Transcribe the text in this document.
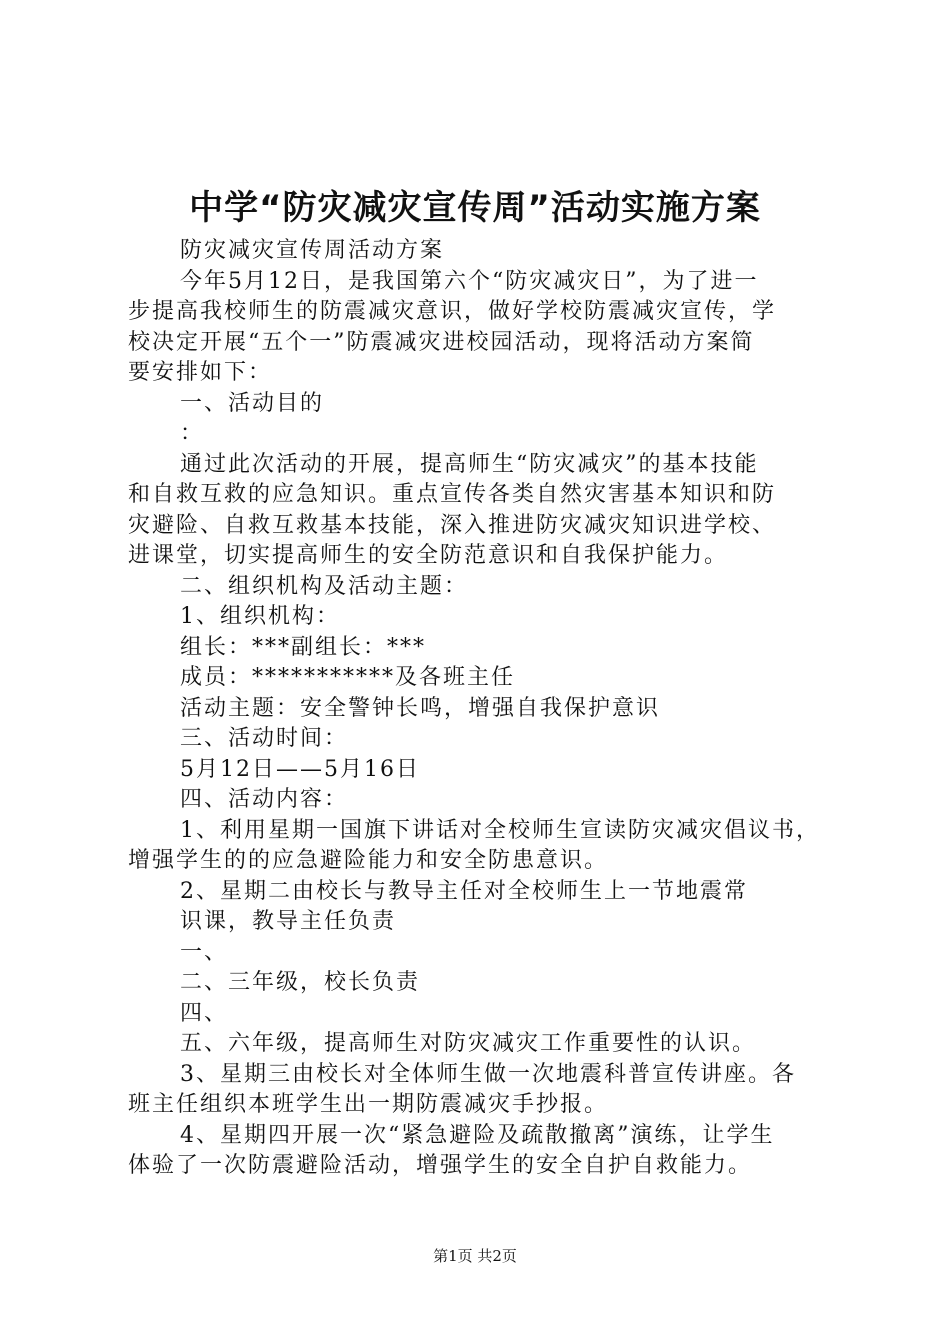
中学“防灾减灾宣传周”活动实施方案

防灾减灾宣传周活动方案

今年5月12日，是我国第六个“防灾减灾日”，为了进一

步提高我校师生的防震减灾意识，做好学校防震减灾宣传，学

校决定开展“五个一”防震减灾进校园活动，现将活动方案简

要安排如下：

一、活动目的

：

通过此次活动的开展，提高师生“防灾减灾”的基本技能

和自救互救的应急知识。重点宣传各类自然灾害基本知识和防

灾避险、自救互救基本技能，深入推进防灾减灾知识进学校、

进课堂，切实提高师生的安全防范意识和自我保护能力。

二、组织机构及活动主题：

1、组织机构：

组长：***副组长：***

成员：***********及各班主任

活动主题：安全警钟长鸣，增强自我保护意识

三、活动时间：

5月12日——5月16日

四、活动内容：

1、利用星期一国旗下讲话对全校师生宣读防灾减灾倡议书，

增强学生的的应急避险能力和安全防患意识。

2、星期二由校长与教导主任对全校师生上一节地震常

识课，教导主任负责

一、

二、三年级，校长负责

四、

五、六年级，提高师生对防灾减灾工作重要性的认识。

3、星期三由校长对全体师生做一次地震科普宣传讲座。各

班主任组织本班学生出一期防震减灾手抄报。

4、星期四开展一次“紧急避险及疏散撤离”演练，让学生

体验了一次防震避险活动，增强学生的安全自护自救能力。

第1页 共2页
